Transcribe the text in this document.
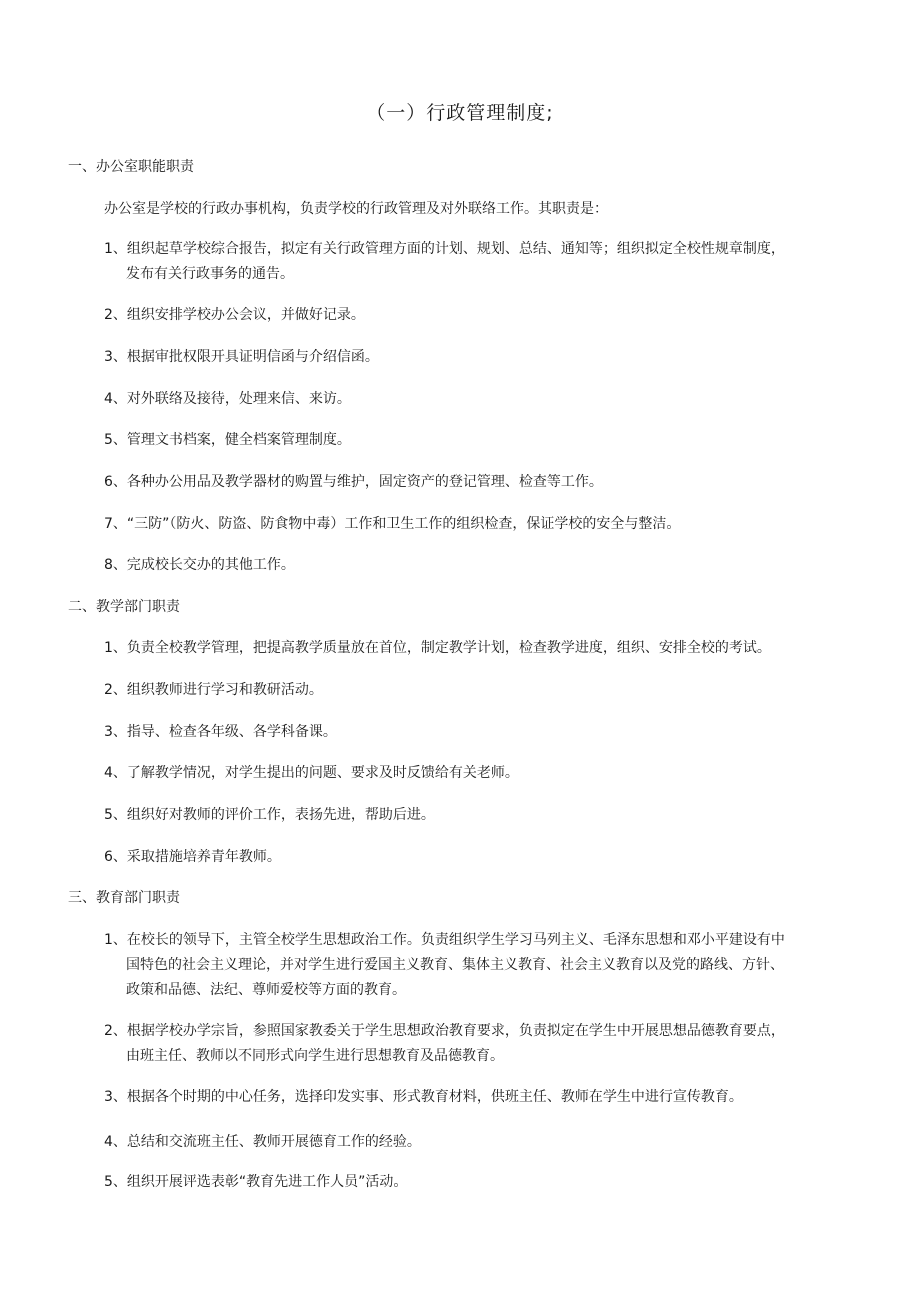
（一）行政管理制度;
一、办公室职能职责
办公室是学校的行政办事机构，负责学校的行政管理及对外联络工作。其职责是：
1、组织起草学校综合报告，拟定有关行政管理方面的计划、规划、总结、通知等；组织拟定全校性规章制度，
发布有关行政事务的通告。
2、组织安排学校办公会议，并做好记录。
3、根据审批权限开具证明信函与介绍信函。
4、对外联络及接待，处理来信、来访。
5、管理文书档案，健全档案管理制度。
6、各种办公用品及教学器材的购置与维护，固定资产的登记管理、检查等工作。
7、“三防”（防火、防盗、防食物中毒）工作和卫生工作的组织检查，保证学校的安全与整洁。
8、完成校长交办的其他工作。
二、教学部门职责
1、负责全校教学管理，把提高教学质量放在首位，制定教学计划，检查教学进度，组织、安排全校的考试。
2、组织教师进行学习和教研活动。
3、指导、检查各年级、各学科备课。
4、了解教学情况，对学生提出的问题、要求及时反馈给有关老师。
5、组织好对教师的评价工作，表扬先进，帮助后进。
6、采取措施培养青年教师。
三、教育部门职责
1、在校长的领导下，主管全校学生思想政治工作。负责组织学生学习马列主义、毛泽东思想和邓小平建设有中
国特色的社会主义理论，并对学生进行爱国主义教育、集体主义教育、社会主义教育以及党的路线、方针、
政策和品德、法纪、尊师爱校等方面的教育。
2、根据学校办学宗旨，参照国家教委关于学生思想政治教育要求，负责拟定在学生中开展思想品德教育要点，
由班主任、教师以不同形式向学生进行思想教育及品德教育。
3、根据各个时期的中心任务，选择印发实事、形式教育材料，供班主任、教师在学生中进行宣传教育。
4、总结和交流班主任、教师开展德育工作的经验。
5、组织开展评选表彰“教育先进工作人员”活动。
